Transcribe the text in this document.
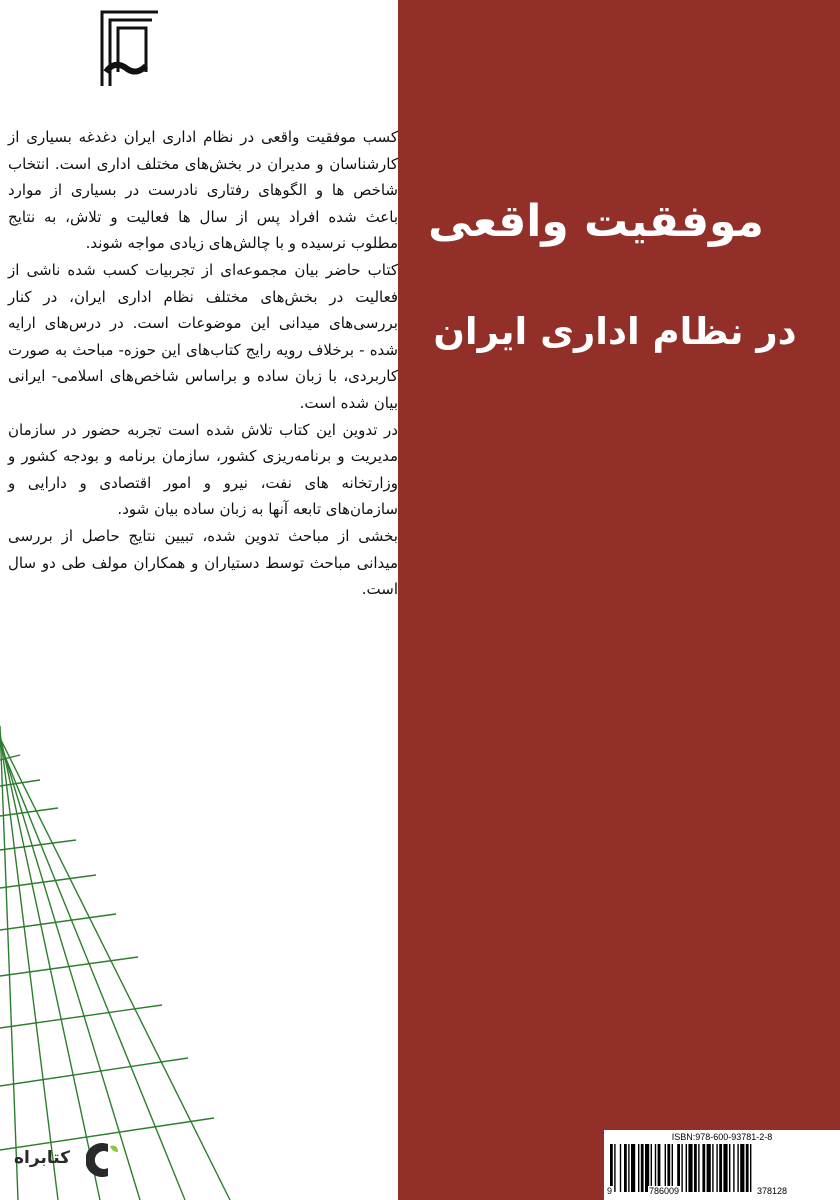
کسب موفقیت واقعی در نظام اداری ایران دغدغه بسیاری از کارشناسان و مدیران در بخش‌های مختلف اداری است. انتخاب شاخص ها و الگوهای رفتاری نادرست در بسیاری از موارد باعث شده افراد پس از سال ها فعالیت و تلاش، به نتایج مطلوب نرسیده و با چالش‌های زیادی مواجه شوند.

کتاب حاضر بیان مجموعه‌ای از تجربیات کسب شده ناشی از فعالیت در بخش‌های مختلف نظام اداری ایران، در کنار بررسی‌های میدانی این موضوعات است. در درس‌های ارایه شده - برخلاف رویه رایج کتاب‌های این حوزه- مباحث به صورت کاربردی، با زبان ساده و براساس شاخص‌های اسلامی- ایرانی بیان شده است.

در تدوین این کتاب تلاش شده است تجربه حضور در سازمان مدیریت و برنامه‌ریزی کشور، سازمان برنامه و بودجه کشور و وزارتخانه های نفت، نیرو و امور اقتصادی و دارایی و سازمان‌های تابعه آنها به زبان ساده بیان شود.

بخشی از مباحث تدوین شده، تبیین نتایج حاصل از بررسی میدانی مباحث توسط دستیاران و همکاران مولف طی دو سال است.

کتابراه
موفقیت واقعی
در نظام اداری ایران
ISBN:978-600-93781-2-8
9	786009	378128
